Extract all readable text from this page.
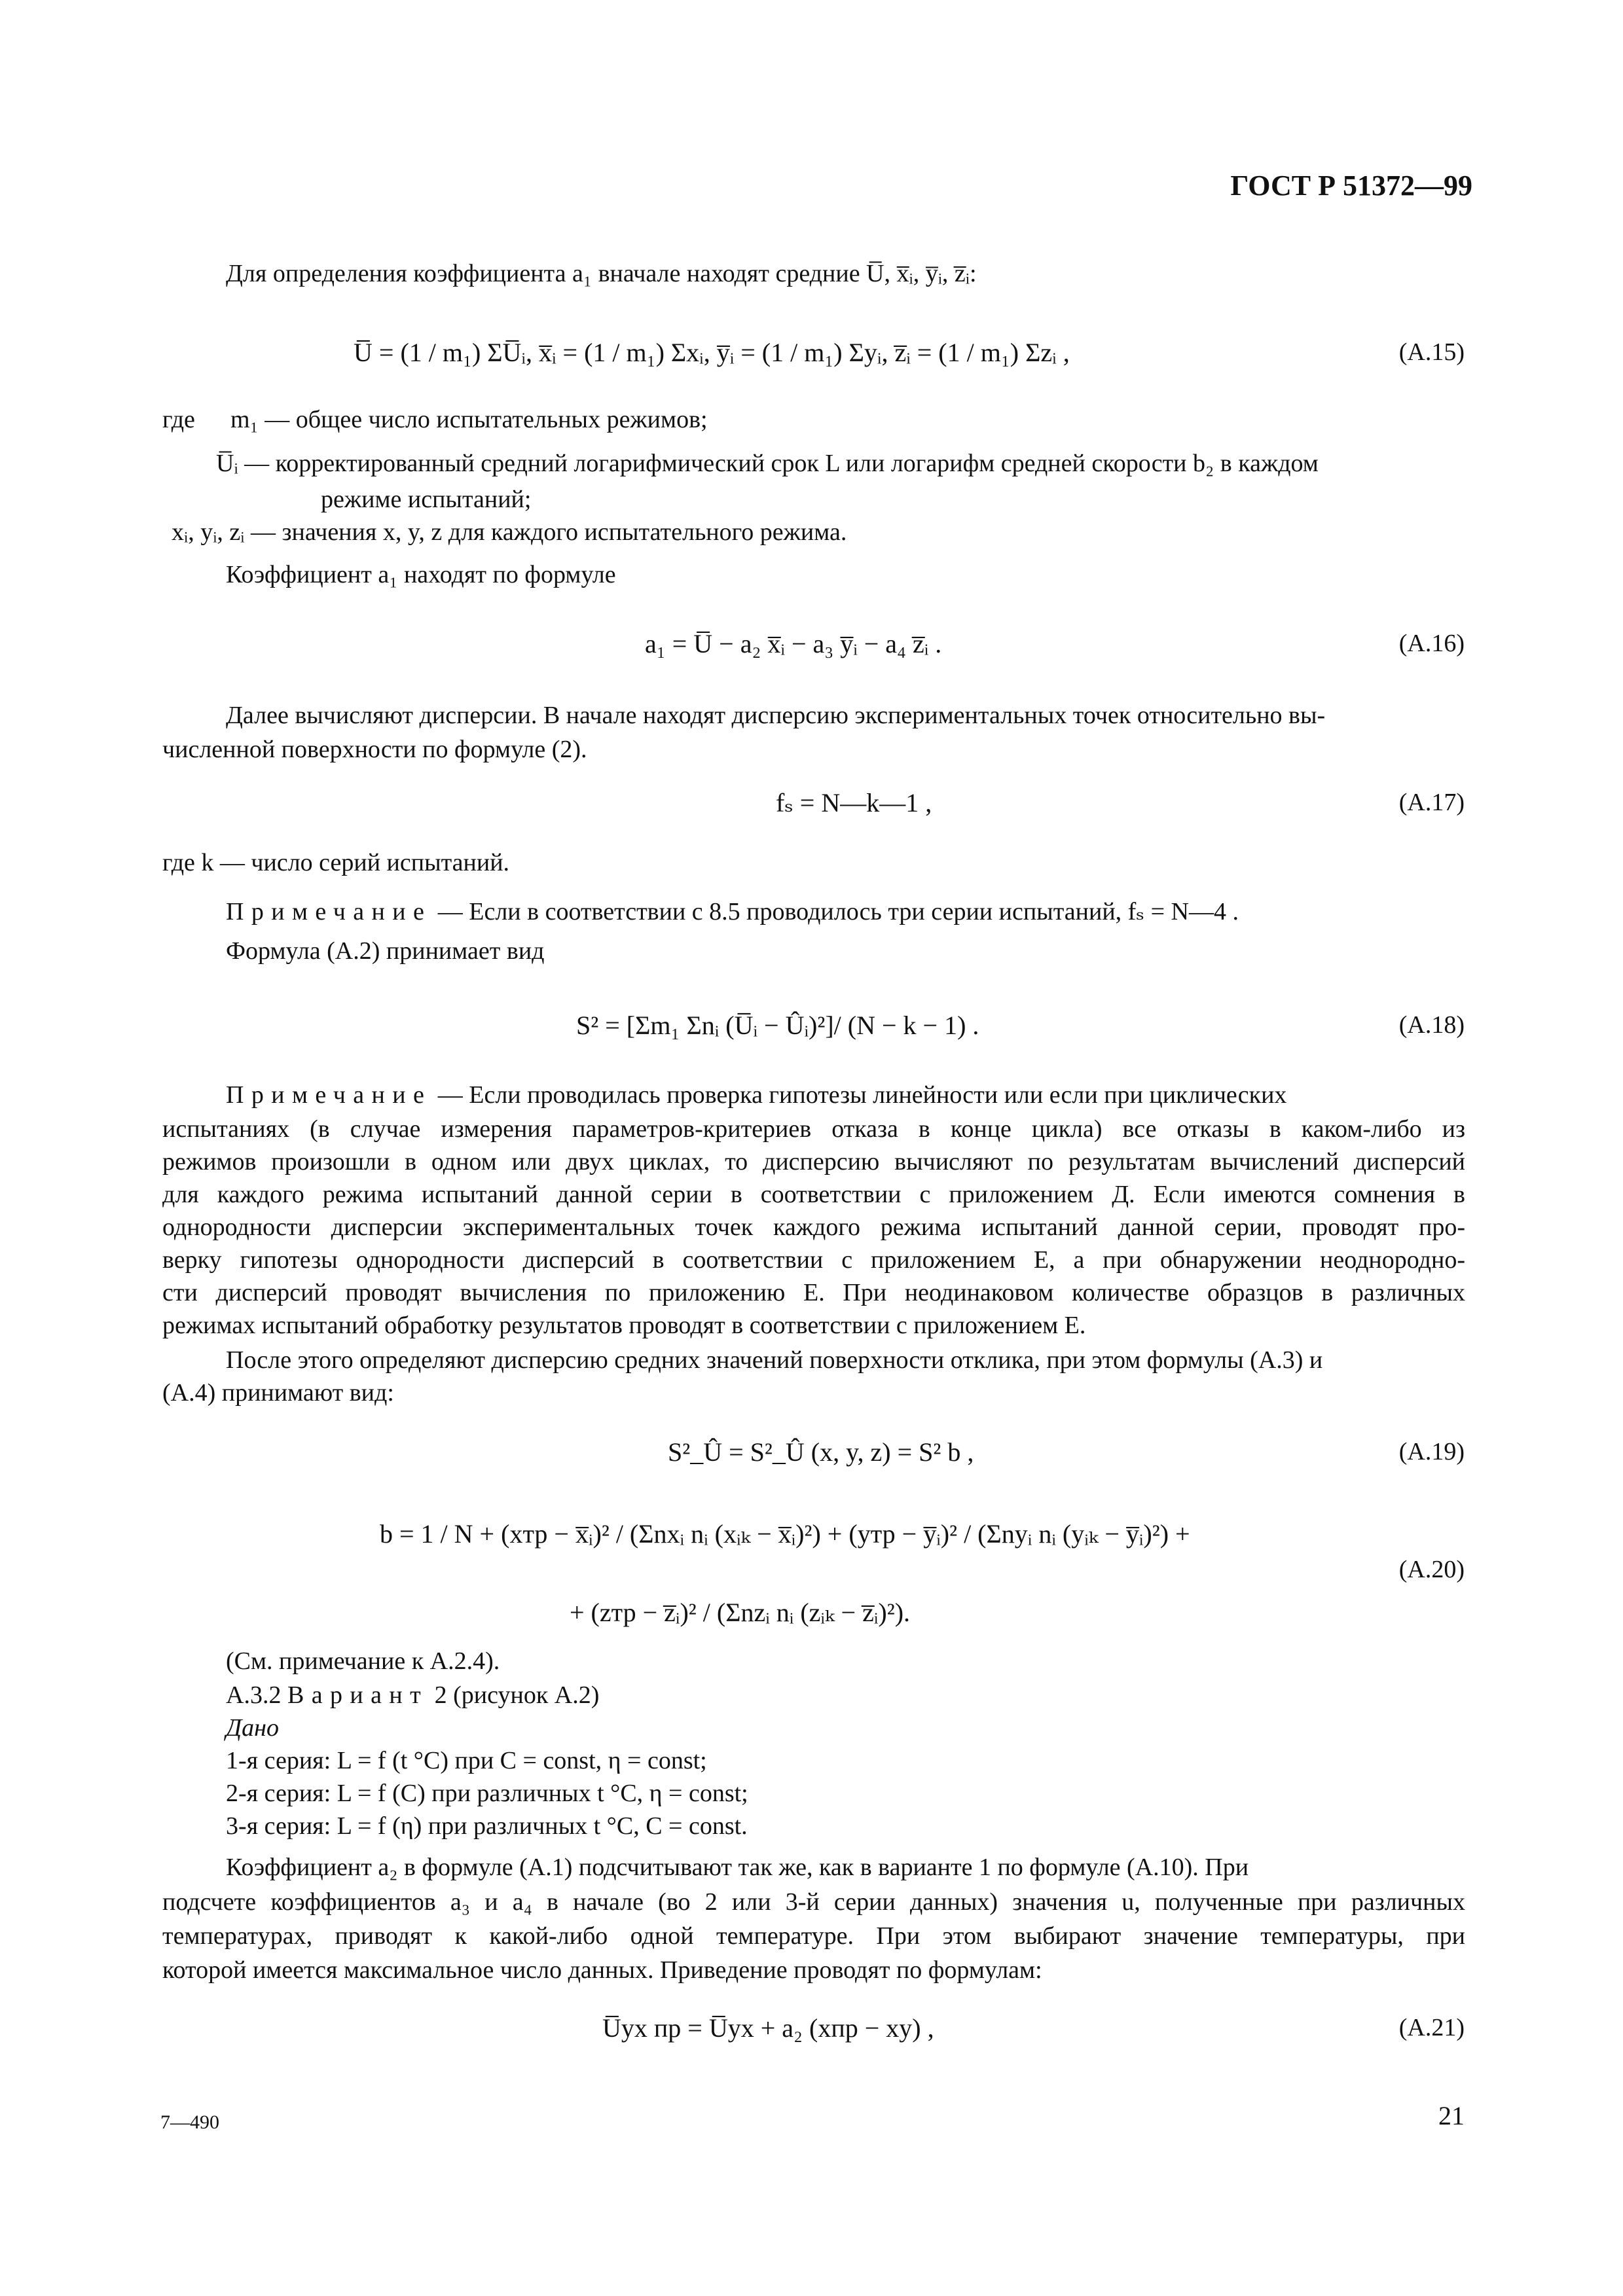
ГОСТ Р 51372—99
Для определения коэффициента a₁ вначале находят средние U̅, x̅ᵢ, y̅ᵢ, z̅ᵢ:
U̅ = (1 / m₁) ΣU̅ᵢ, x̅ᵢ = (1 / m₁) Σxᵢ, y̅ᵢ = (1 / m₁) Σyᵢ, z̅ᵢ = (1 / m₁) Σzᵢ ,	(А.15)
где m₁ — общее число испытательных режимов;
U̅ᵢ — корректированный средний логарифмический срок L или логарифм средней скорости b₂ в каждом
режиме испытаний;
xᵢ, yᵢ, zᵢ — значения x, y, z для каждого испытательного режима.
Коэффициент a₁ находят по формуле
a₁ = U̅ − a₂ x̅ᵢ − a₃ y̅ᵢ − a₄ z̅ᵢ .	(А.16)
Далее вычисляют дисперсии. В начале находят дисперсию экспериментальных точек относительно вы-
численной поверхности по формуле (2).
fₛ = N—k—1 ,	(А.17)
где k — число серий испытаний.
Примечание — Если в соответствии с 8.5 проводилось три серии испытаний, fₛ = N—4 .
Формула (А.2) принимает вид
S² = [Σm₁ Σnᵢ (U̅ᵢ − Ûᵢ)²]/ (N − k − 1) .	(А.18)
Примечание — Если проводилась проверка гипотезы линейности или если при циклических
испытаниях (в случае измерения параметров-критериев отказа в конце цикла) все отказы в каком-либо из
режимов произошли в одном или двух циклах, то дисперсию вычисляют по результатам вычислений дисперсий
для каждого режима испытаний данной серии в соответствии с приложением Д. Если имеются сомнения в
однородности дисперсии экспериментальных точек каждого режима испытаний данной серии, проводят про-
верку гипотезы однородности дисперсий в соответствии с приложением Е, а при обнаружении неоднородно-
сти дисперсий проводят вычисления по приложению Е. При неодинаковом количестве образцов в различных
режимах испытаний обработку результатов проводят в соответствии с приложением Е.
После этого определяют дисперсию средних значений поверхности отклика, при этом формулы (А.3) и
(А.4) принимают вид:
S²_Û = S²_Û (x, y, z) = S² b ,	(А.19)
b = 1 / N + (xтр − x̅ᵢ)² / (Σnxᵢ nᵢ (xᵢₖ − x̅ᵢ)²) + (yтр − y̅ᵢ)² / (Σnyᵢ nᵢ (yᵢₖ − y̅ᵢ)²) +
(А.20)
+ (zтр − z̅ᵢ)² / (Σnzᵢ nᵢ (zᵢₖ − z̅ᵢ)²).
(См. примечание к А.2.4).
А.3.2 Вариант 2 (рисунок А.2)
Дано
1-я серия: L = f (t °C) при C = const, η = const;
2-я серия: L = f (C) при различных t °C, η = const;
3-я серия: L = f (η) при различных t °C, C = const.
Коэффициент a₂ в формуле (А.1) подсчитывают так же, как в варианте 1 по формуле (А.10). При
подсчете коэффициентов a₃ и a₄ в начале (во 2 или 3-й серии данных) значения u, полученные при различных
температурах, приводят к какой-либо одной температуре. При этом выбирают значение температуры, при
которой имеется максимальное число данных. Приведение проводят по формулам:
U̅ух пр = U̅ух + a₂ (xпр − xу) ,	(А.21)
7—490	21
